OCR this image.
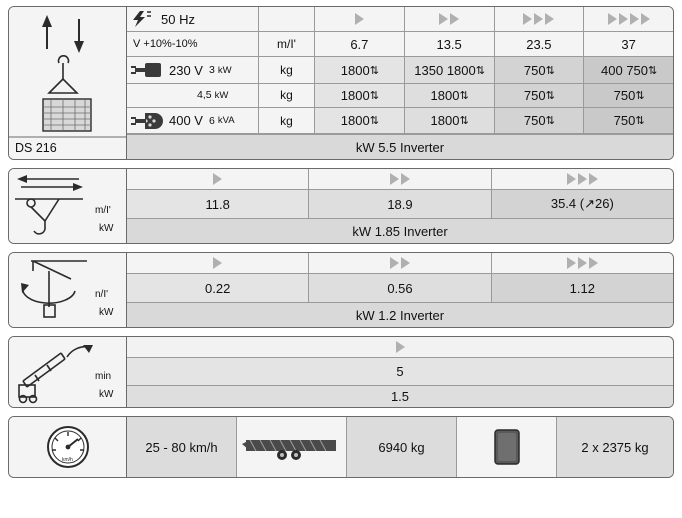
DS 216
50 Hz
V +10%-10%	m/I'	6.7	13.5	23.5	37
230 V 3 kW	kg	1800 ⇅	1350 1800 ⇅	750 ⇅	400 750 ⇅
4,5 kW	kg	1800 ⇅	1800 ⇅	750 ⇅	750 ⇅
400 V 6 kVA	kg	1800 ⇅	1800 ⇅	750 ⇅	750 ⇅
kW 5.5 Inverter
m/I'
kW
11.8	18.9	35.4 (↗26)
kW 1.85 Inverter
n/I'
kW
0.22	0.56	1.12
kW 1.2 Inverter
min
kW
5
1.5
km/h
25 - 80 km/h	6940 kg	2 x 2375 kg
